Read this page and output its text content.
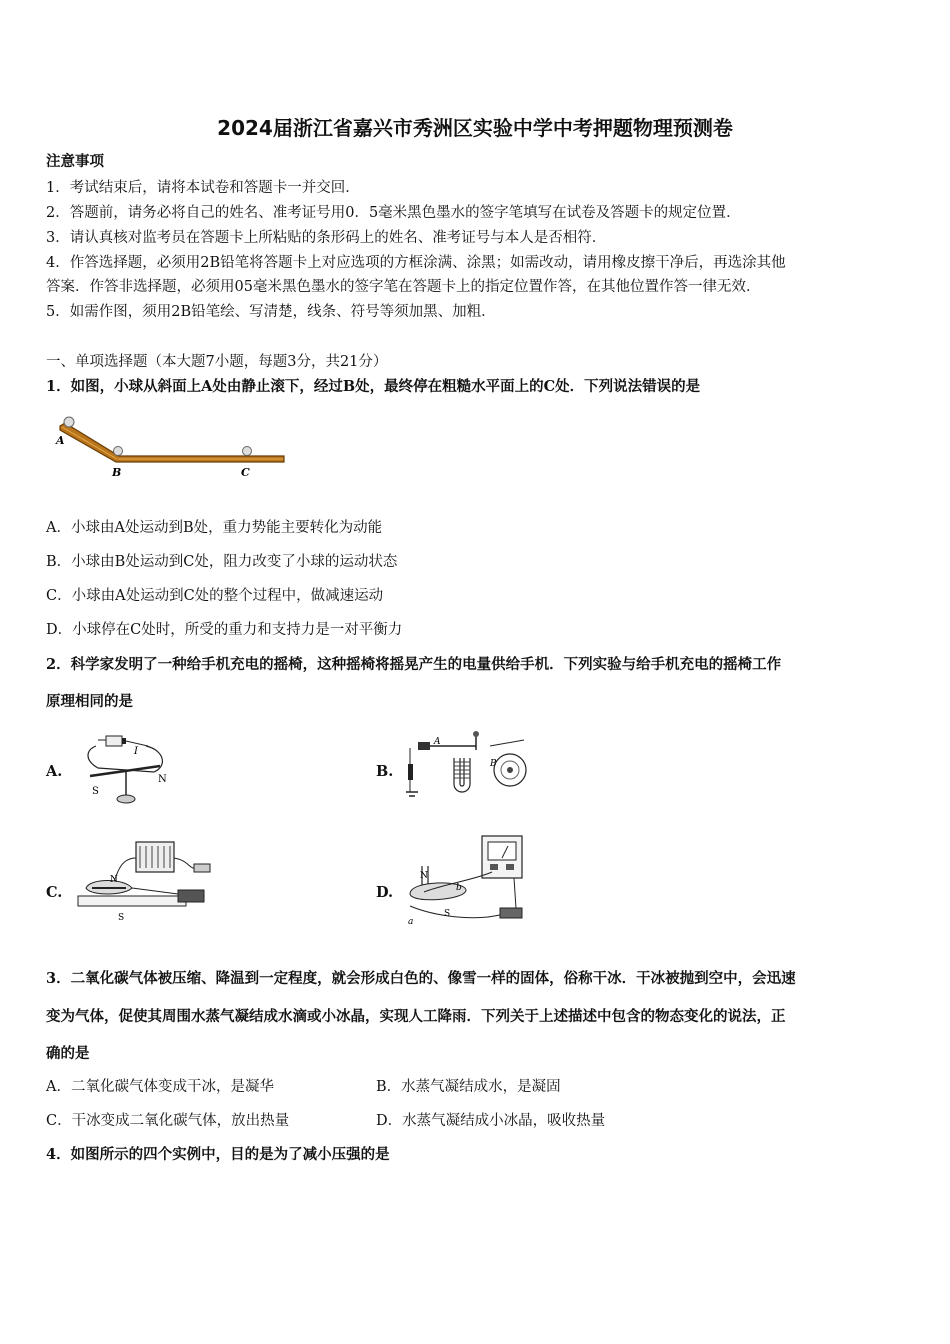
2024届浙江省嘉兴市秀洲区实验中学中考押题物理预测卷
注意事项
1．考试结束后，请将本试卷和答题卡一并交回．
2．答题前，请务必将自己的姓名、准考证号用0．5毫米黑色墨水的签字笔填写在试卷及答题卡的规定位置．
3．请认真核对监考员在答题卡上所粘贴的条形码上的姓名、准考证号与本人是否相符．
4．作答选择题，必须用2B铅笔将答题卡上对应选项的方框涂满、涂黑；如需改动，请用橡皮擦干净后，再选涂其他
答案．作答非选择题，必须用05毫米黑色墨水的签字笔在答题卡上的指定位置作答，在其他位置作答一律无效．
5．如需作图，须用2B铅笔绘、写清楚，线条、符号等须加黑、加粗．
一、单项选择题（本大题7小题，每题3分，共21分）
1．如图，小球从斜面上A处由静止滚下，经过B处，最终停在粗糙水平面上的C处．下列说法错误的是
A
B	C
A．小球由A处运动到B处，重力势能主要转化为动能
B．小球由B处运动到C处，阻力改变了小球的运动状态
C．小球由A处运动到C处的整个过程中，做减速运动
D．小球停在C处时，所受的重力和支持力是一对平衡力
2．科学家发明了一种给手机充电的摇椅，这种摇椅将摇晃产生的电量供给手机．下列实验与给手机充电的摇椅工作
原理相同的是
A.	B.
C.	D.
I
N
S
A
B
N
S
N
S
a
b
3．二氧化碳气体被压缩、降温到一定程度，就会形成白色的、像雪一样的固体，俗称干冰．干冰被抛到空中，会迅速
变为气体，促使其周围水蒸气凝结成水滴或小冰晶，实现人工降雨．下列关于上述描述中包含的物态变化的说法，正
确的是
A．二氧化碳气体变成干冰，是凝华	B．水蒸气凝结成水，是凝固
C．干冰变成二氧化碳气体，放出热量	D．水蒸气凝结成小冰晶，吸收热量
4．如图所示的四个实例中，目的是为了减小压强的是
